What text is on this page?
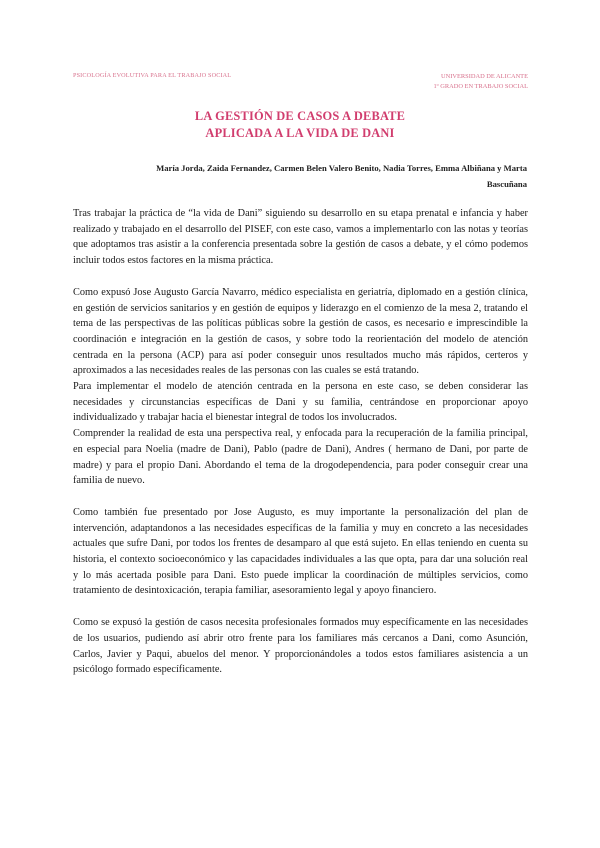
PSICOLOGÍA EVOLUTIVA PARA EL TRABAJO SOCIAL	UNIVERSIDAD DE ALICANTE
1º GRADO EN TRABAJO SOCIAL
LA GESTIÓN DE CASOS A DEBATE
APLICADA A LA VIDA DE DANI
María Jorda, Zaida Fernandez, Carmen Belen Valero Benito, Nadia Torres, Emma Albiñana y Marta
Bascuñana

Tras trabajar la práctica de “la vida de Dani” siguiendo su desarrollo en su etapa prenatal e infancia y haber realizado y trabajado en el desarrollo del PISEF, con este caso, vamos a implementarlo con las notas y teorías que adoptamos tras asistir a la conferencia presentada sobre la gestión de casos a debate, y el cómo podemos incluir todos estos factores en la misma práctica.

Como expusó Jose Augusto García Navarro, médico especialista en geriatría, diplomado en a gestión clínica, en gestión de servicios sanitarios y en gestión de equipos y liderazgo en el comienzo de la mesa 2, tratando el tema de las perspectivas de las políticas públicas sobre la gestión de casos, es necesario e imprescindible la coordinación e integración en la gestión de casos, y sobre todo la reorientación del modelo de atención centrada en la persona (ACP) para así poder conseguir unos resultados mucho más rápidos, certeros y aproximados a las necesidades reales de las personas con las cuales se está tratando.

Para implementar el modelo de atención centrada en la persona en este caso, se deben considerar las necesidades y circunstancias específicas de Dani y su familia, centrándose en proporcionar apoyo individualizado y trabajar hacia el bienestar integral de todos los involucrados.

Comprender la realidad de esta una perspectiva real, y enfocada para la recuperación de la familia principal, en especial para Noelia (madre de Dani), Pablo (padre de Dani), Andres ( hermano de Dani, por parte de madre) y para el propio Dani. Abordando el tema de la drogodependencia, para poder conseguir crear una familia de nuevo.

Como también fue presentado por Jose Augusto, es muy importante la personalización del plan de intervención, adaptandonos a las necesidades específicas de la familia y muy en concreto a las necesidades actuales que sufre Dani, por todos los frentes de desamparo al que está sujeto. En ellas teniendo en cuenta su historia, el contexto socioeconómico y las capacidades individuales a las que opta, para dar una solución real y lo más acertada posible para Dani. Esto puede implicar la coordinación de múltiples servicios, como tratamiento de desintoxicación, terapia familiar, asesoramiento legal y apoyo financiero.

Como se expusó la gestión de casos necesita profesionales formados muy específicamente en las necesidades de los usuarios, pudiendo así abrir otro frente para los familiares más cercanos a Dani, como Asunción, Carlos, Javier y Paqui, abuelos del menor. Y proporcionándoles a todos estos familiares asistencia a un psicólogo formado específicamente.
